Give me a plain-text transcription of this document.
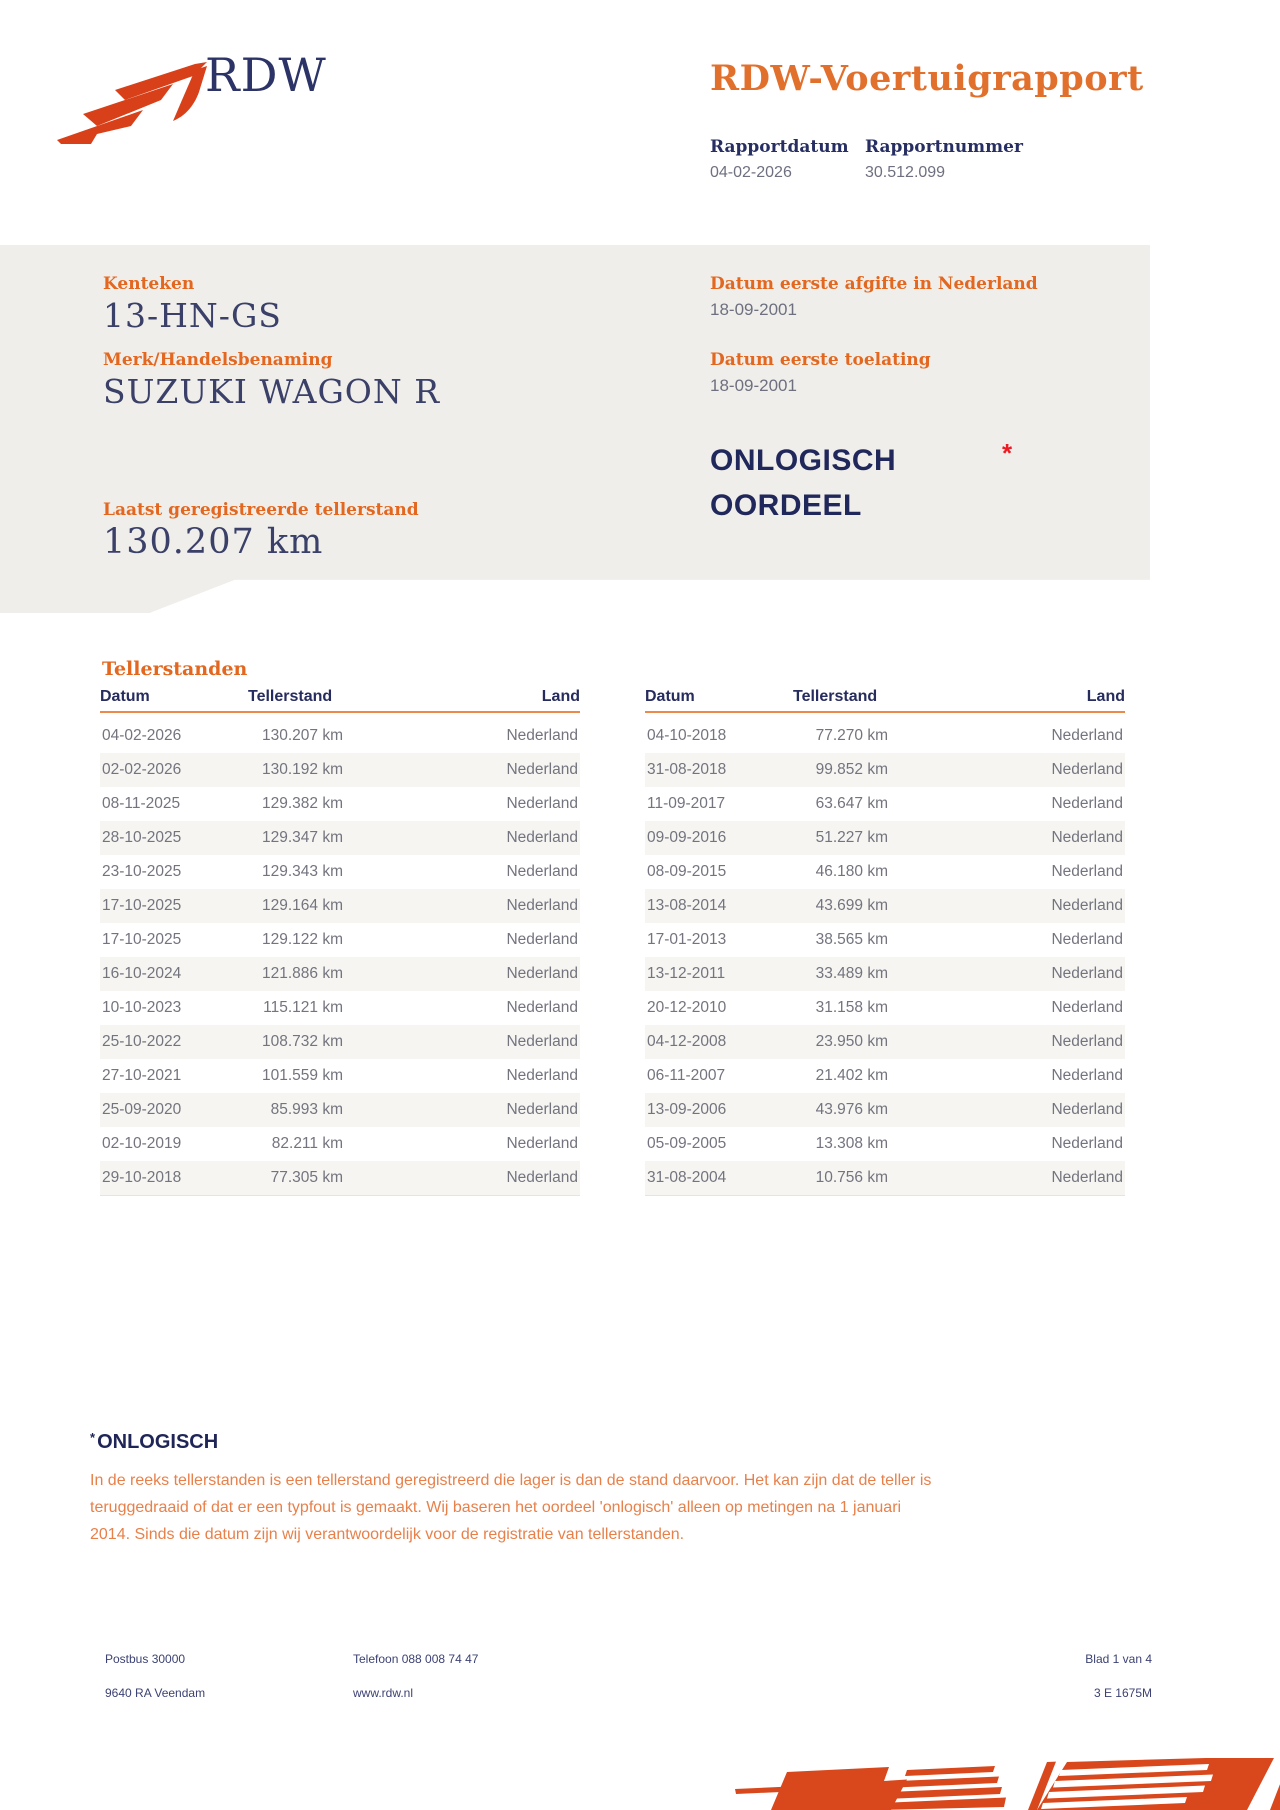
RDW	RDW-Voertuigrapport
Rapportdatum
04-02-2026
Rapportnummer
30.512.099
Kenteken
13-HN-GS
Merk/Handelsbenaming
SUZUKI WAGON R
Laatst geregistreerde tellerstand
130.207 km
Datum eerste afgifte in Nederland
18-09-2001
Datum eerste toelating
18-09-2001
ONLOGISCH
OORDEEL
*
Tellerstanden
Datum	Tellerstand	Land
04-02-2026	130.207 km	Nederland
02-02-2026	130.192 km	Nederland
08-11-2025	129.382 km	Nederland
28-10-2025	129.347 km	Nederland
23-10-2025	129.343 km	Nederland
17-10-2025	129.164 km	Nederland
17-10-2025	129.122 km	Nederland
16-10-2024	121.886 km	Nederland
10-10-2023	115.121 km	Nederland
25-10-2022	108.732 km	Nederland
27-10-2021	101.559 km	Nederland
25-09-2020	85.993 km	Nederland
02-10-2019	82.211 km	Nederland
29-10-2018	77.305 km	Nederland
Datum	Tellerstand	Land
04-10-2018	77.270 km	Nederland
31-08-2018	99.852 km	Nederland
11-09-2017	63.647 km	Nederland
09-09-2016	51.227 km	Nederland
08-09-2015	46.180 km	Nederland
13-08-2014	43.699 km	Nederland
17-01-2013	38.565 km	Nederland
13-12-2011	33.489 km	Nederland
20-12-2010	31.158 km	Nederland
04-12-2008	23.950 km	Nederland
06-11-2007	21.402 km	Nederland
13-09-2006	43.976 km	Nederland
05-09-2005	13.308 km	Nederland
31-08-2004	10.756 km	Nederland
* ONLOGISCH
In de reeks tellerstanden is een tellerstand geregistreerd die lager is dan de stand daarvoor. Het kan zijn dat de teller is teruggedraaid of dat er een typfout is gemaakt. Wij baseren het oordeel 'onlogisch' alleen op metingen na 1 januari 2014. Sinds die datum zijn wij verantwoordelijk voor de registratie van tellerstanden.
Postbus 30000
9640 RA Veendam
Telefoon 088 008 74 47
www.rdw.nl
Blad 1 van 4
3 E 1675M
